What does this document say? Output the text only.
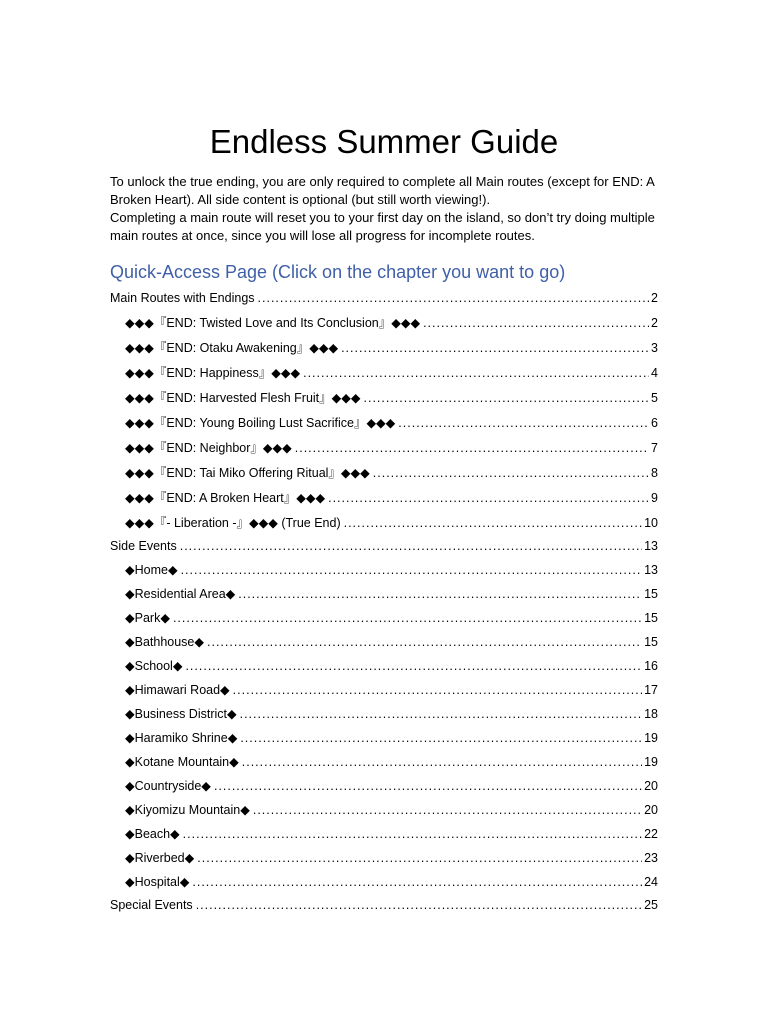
Endless Summer Guide

To unlock the true ending, you are only required to complete all Main routes (except for END: A Broken Heart). All side content is optional (but still worth viewing!).

Completing a main route will reset you to your first day on the island, so don’t try doing multiple main routes at once, since you will lose all progress for incomplete routes.

Quick-Access Page (Click on the chapter you want to go)
Main Routes with Endings .....	2
◆◆◆『END: Twisted Love and Its Conclusion』◆◆◆ .....	2
◆◆◆『END: Otaku Awakening』◆◆◆ .....	3
◆◆◆『END: Happiness』◆◆◆ .....	4
◆◆◆『END: Harvested Flesh Fruit』◆◆◆ .....	5
◆◆◆『END: Young Boiling Lust Sacrifice』◆◆◆ .....	6
◆◆◆『END: Neighbor』◆◆◆ .....	7
◆◆◆『END: Tai Miko Offering Ritual』◆◆◆ .....	8
◆◆◆『END: A Broken Heart』◆◆◆ .....	9
◆◆◆『- Liberation -』◆◆◆ (True End) .....	10
Side Events .....	13
◆Home◆ .....	13
◆Residential Area◆ .....	15
◆Park◆ .....	15
◆Bathhouse◆ .....	15
◆School◆ .....	16
◆Himawari Road◆ .....	17
◆Business District◆ .....	18
◆Haramiko Shrine◆ .....	19
◆Kotane Mountain◆ .....	19
◆Countryside◆ .....	20
◆Kiyomizu Mountain◆ .....	20
◆Beach◆ .....	22
◆Riverbed◆ .....	23
◆Hospital◆ .....	24
Special Events .....	25
